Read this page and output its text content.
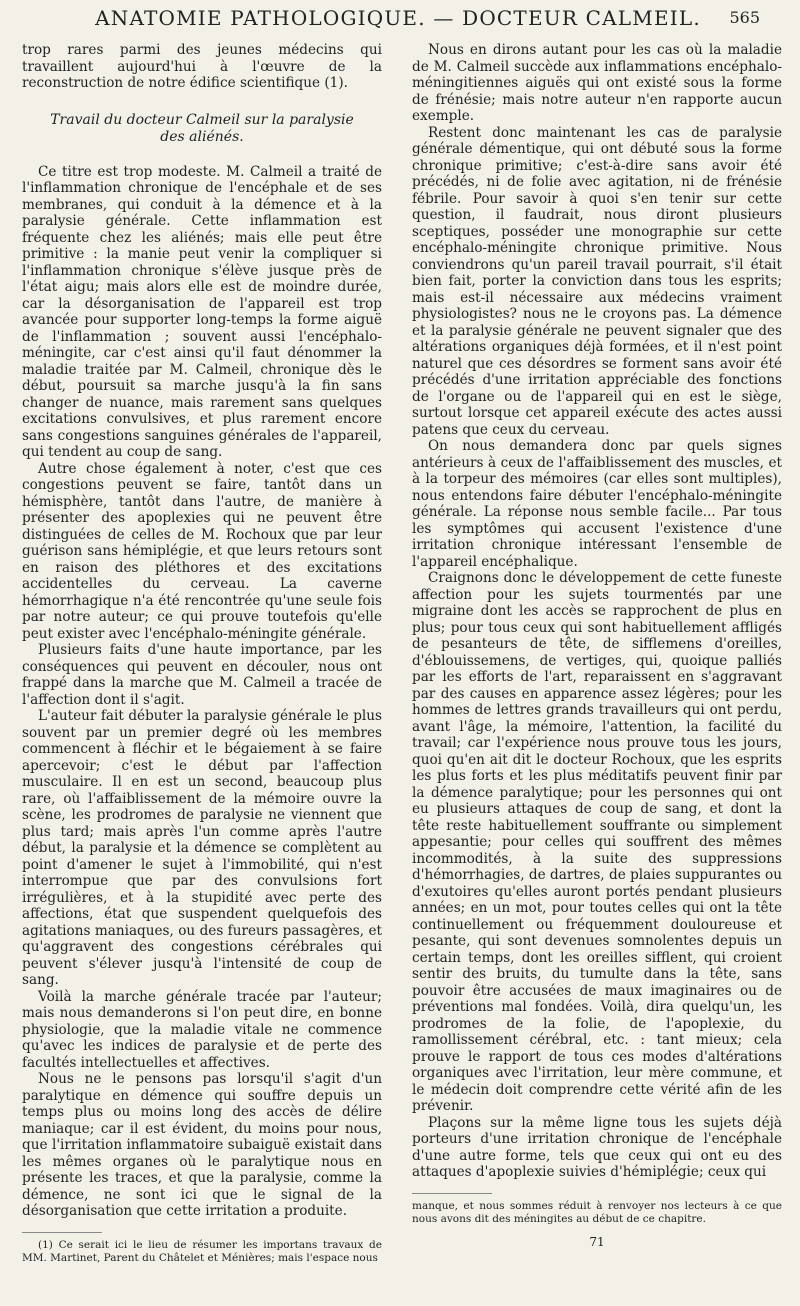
ANATOMIE PATHOLOGIQUE. — DOCTEUR CALMEIL. 565

trop rares parmi des jeunes médecins qui travaillent aujourd'hui à l'œuvre de la reconstruction de notre édifice scientifique (1).

Travail du docteur Calmeil sur la paralysie
des aliénés.

Ce titre est trop modeste. M. Calmeil a traité de l'inflammation chronique de l'encéphale et de ses membranes, qui conduit à la démence et à la paralysie générale. Cette inflammation est fréquente chez les aliénés; mais elle peut être primitive : la manie peut venir la compliquer si l'inflammation chronique s'élève jusque près de l'état aigu; mais alors elle est de moindre durée, car la désorganisation de l'appareil est trop avancée pour supporter long-temps la forme aiguë de l'inflammation ; souvent aussi l'encéphalo-méningite, car c'est ainsi qu'il faut dénommer la maladie traitée par M. Calmeil, chronique dès le début, poursuit sa marche jusqu'à la fin sans changer de nuance, mais rarement sans quelques excitations convulsives, et plus rarement encore sans congestions sanguines générales de l'appareil, qui tendent au coup de sang.

Autre chose également à noter, c'est que ces congestions peuvent se faire, tantôt dans un hémisphère, tantôt dans l'autre, de manière à présenter des apoplexies qui ne peuvent être distinguées de celles de M. Rochoux que par leur guérison sans hémiplégie, et que leurs retours sont en raison des pléthores et des excitations accidentelles du cerveau. La caverne hémorrhagique n'a été rencontrée qu'une seule fois par notre auteur; ce qui prouve toutefois qu'elle peut exister avec l'encéphalo-méningite générale.

Plusieurs faits d'une haute importance, par les conséquences qui peuvent en découler, nous ont frappé dans la marche que M. Calmeil a tracée de l'affection dont il s'agit.

L'auteur fait débuter la paralysie générale le plus souvent par un premier degré où les membres commencent à fléchir et le bégaiement à se faire apercevoir; c'est le début par l'affection musculaire. Il en est un second, beaucoup plus rare, où l'affaiblissement de la mémoire ouvre la scène, les prodromes de paralysie ne viennent que plus tard; mais après l'un comme après l'autre début, la paralysie et la démence se complètent au point d'amener le sujet à l'immobilité, qui n'est interrompue que par des convulsions fort irrégulières, et à la stupidité avec perte des affections, état que suspendent quelquefois des agitations maniaques, ou des fureurs passagères, et qu'aggravent des congestions cérébrales qui peuvent s'élever jusqu'à l'intensité de coup de sang.

Voilà la marche générale tracée par l'auteur; mais nous demanderons si l'on peut dire, en bonne physiologie, que la maladie vitale ne commence qu'avec les indices de paralysie et de perte des facultés intellectuelles et affectives.

Nous ne le pensons pas lorsqu'il s'agit d'un paralytique en démence qui souffre depuis un temps plus ou moins long des accès de délire maniaque; car il est évident, du moins pour nous, que l'irritation inflammatoire subaiguë existait dans les mêmes organes où le paralytique nous en présente les traces, et que la paralysie, comme la démence, ne sont ici que le signal de la désorganisation que cette irritation a produite.

(1) Ce serait ici le lieu de résumer les importans travaux de MM. Martinet, Parent du Châtelet et Ménières; mais l'espace nous

Nous en dirons autant pour les cas où la maladie de M. Calmeil succède aux inflammations encéphalo-méningitiennes aiguës qui ont existé sous la forme de frénésie; mais notre auteur n'en rapporte aucun exemple.

Restent donc maintenant les cas de paralysie générale démentique, qui ont débuté sous la forme chronique primitive; c'est-à-dire sans avoir été précédés, ni de folie avec agitation, ni de frénésie fébrile. Pour savoir à quoi s'en tenir sur cette question, il faudrait, nous diront plusieurs sceptiques, posséder une monographie sur cette encéphalo-méningite chronique primitive. Nous conviendrons qu'un pareil travail pourrait, s'il était bien fait, porter la conviction dans tous les esprits; mais est-il nécessaire aux médecins vraiment physiologistes? nous ne le croyons pas. La démence et la paralysie générale ne peuvent signaler que des altérations organiques déjà formées, et il n'est point naturel que ces désordres se forment sans avoir été précédés d'une irritation appréciable des fonctions de l'organe ou de l'appareil qui en est le siège, surtout lorsque cet appareil exécute des actes aussi patens que ceux du cerveau.

On nous demandera donc par quels signes antérieurs à ceux de l'affaiblissement des muscles, et à la torpeur des mémoires (car elles sont multiples), nous entendons faire débuter l'encéphalo-méningite générale. La réponse nous semble facile... Par tous les symptômes qui accusent l'existence d'une irritation chronique intéressant l'ensemble de l'appareil encéphalique.

Craignons donc le développement de cette funeste affection pour les sujets tourmentés par une migraine dont les accès se rapprochent de plus en plus; pour tous ceux qui sont habituellement affligés de pesanteurs de tête, de sifflemens d'oreilles, d'éblouissemens, de vertiges, qui, quoique palliés par les efforts de l'art, reparaissent en s'aggravant par des causes en apparence assez légères; pour les hommes de lettres grands travailleurs qui ont perdu, avant l'âge, la mémoire, l'attention, la facilité du travail; car l'expérience nous prouve tous les jours, quoi qu'en ait dit le docteur Rochoux, que les esprits les plus forts et les plus méditatifs peuvent finir par la démence paralytique; pour les personnes qui ont eu plusieurs attaques de coup de sang, et dont la tête reste habituellement souffrante ou simplement appesantie; pour celles qui souffrent des mêmes incommodités, à la suite des suppressions d'hémorrhagies, de dartres, de plaies suppurantes ou d'exutoires qu'elles auront portés pendant plusieurs années; en un mot, pour toutes celles qui ont la tête continuellement ou fréquemment douloureuse et pesante, qui sont devenues somnolentes depuis un certain temps, dont les oreilles sifflent, qui croient sentir des bruits, du tumulte dans la tête, sans pouvoir être accusées de maux imaginaires ou de préventions mal fondées. Voilà, dira quelqu'un, les prodromes de la folie, de l'apoplexie, du ramollissement cérébral, etc. : tant mieux; cela prouve le rapport de tous ces modes d'altérations organiques avec l'irritation, leur mère commune, et le médecin doit comprendre cette vérité afin de les prévenir.

Plaçons sur la même ligne tous les sujets déjà porteurs d'une irritation chronique de l'encéphale d'une autre forme, tels que ceux qui ont eu des attaques d'apoplexie suivies d'hémiplégie; ceux qui

manque, et nous sommes réduit à renvoyer nos lecteurs à ce que nous avons dit des méningites au début de ce chapitre.

71
